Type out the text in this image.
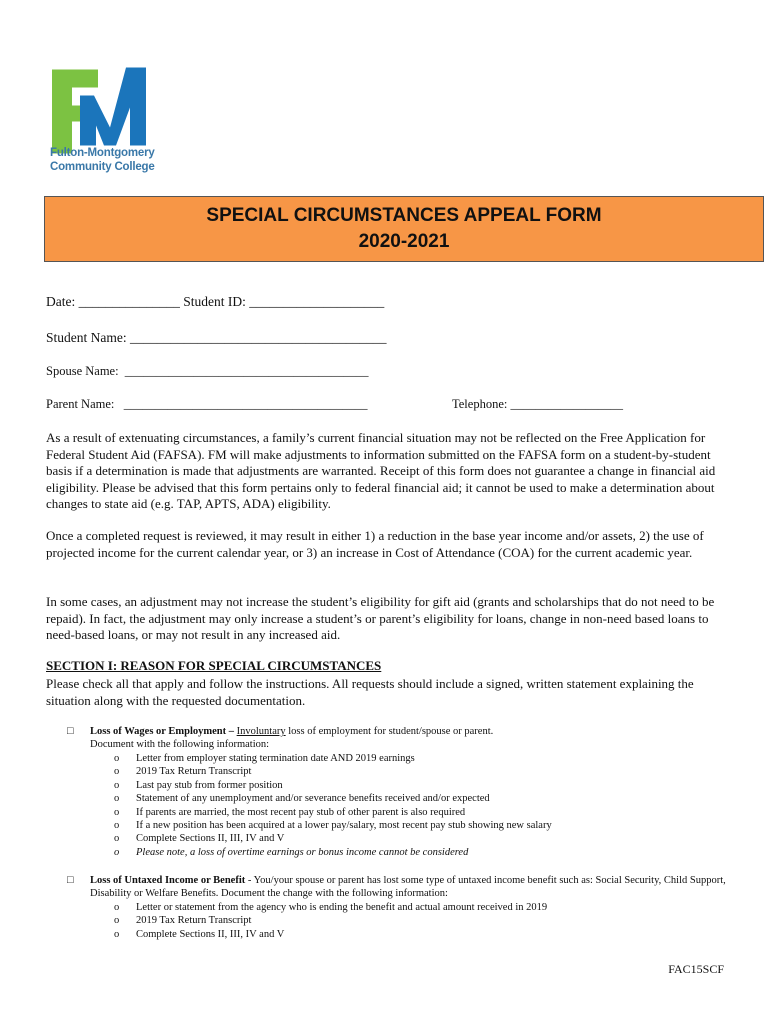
Fulton-Montgomery
Community College
SPECIAL CIRCUMSTANCES APPEAL FORM
2020-2021
Date: _______________ Student ID: ____________________
Student Name: ______________________________________
Spouse Name:  _______________________________________
Parent Name:   _______________________________________	Telephone: __________________
As a result of extenuating circumstances, a family’s current financial situation may not be reflected on the Free Application for Federal Student Aid (FAFSA). FM will make adjustments to information submitted on the FAFSA form on a student-by-student basis if a determination is made that adjustments are warranted. Receipt of this form does not guarantee a change in financial aid eligibility. Please be advised that this form pertains only to federal financial aid; it cannot be used to make a determination about changes to state aid (e.g. TAP, APTS, ADA) eligibility.
Once a completed request is reviewed, it may result in either 1) a reduction in the base year income and/or assets, 2) the use of projected income for the current calendar year, or 3) an increase in Cost of Attendance (COA) for the current academic year.
In some cases, an adjustment may not increase the student’s eligibility for gift aid (grants and scholarships that do not need to be repaid). In fact, the adjustment may only increase a student’s or parent’s eligibility for loans, change in non-need based loans to need-based loans, or may not result in any increased aid.
SECTION I: REASON FOR SPECIAL CIRCUMSTANCES
Please check all that apply and follow the instructions. All requests should include a signed, written statement explaining the situation along with the requested documentation.
□ Loss of Wages or Employment – Involuntary loss of employment for student/spouse or parent.
Document with the following information:
o Letter from employer stating termination date AND 2019 earnings
o 2019 Tax Return Transcript
o Last pay stub from former position
o Statement of any unemployment and/or severance benefits received and/or expected
o If parents are married, the most recent pay stub of other parent is also required
o If a new position has been acquired at a lower pay/salary, most recent pay stub showing new salary
o Complete Sections II, III, IV and V
o Please note, a loss of overtime earnings or bonus income cannot be considered
□ Loss of Untaxed Income or Benefit - You/your spouse or parent has lost some type of untaxed income benefit such as: Social Security, Child Support, Disability or Welfare Benefits. Document the change with the following information:
o Letter or statement from the agency who is ending the benefit and actual amount received in 2019
o 2019 Tax Return Transcript
o Complete Sections II, III, IV and V
FAC15SCF
